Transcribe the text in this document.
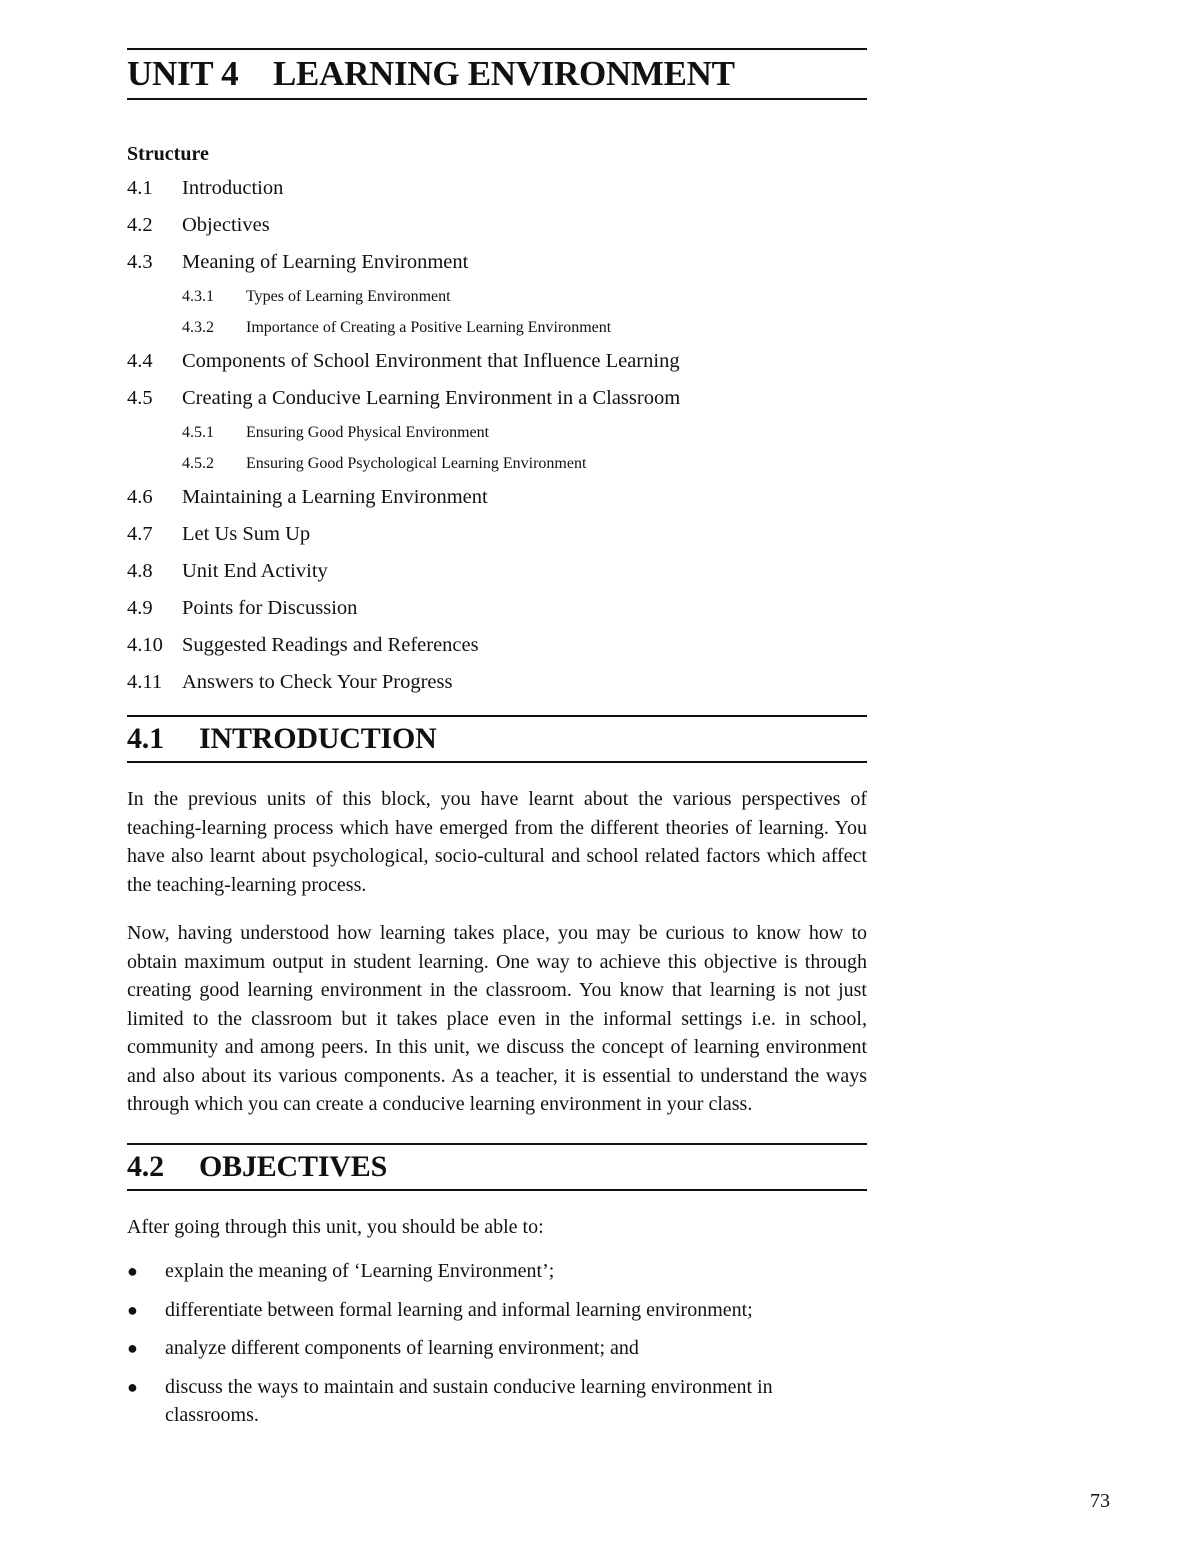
UNIT 4 LEARNING ENVIRONMENT
Structure
4.1	Introduction
4.2	Objectives
4.3	Meaning of Learning Environment
4.3.1	Types of Learning Environment
4.3.2	Importance of Creating a Positive Learning Environment
4.4	Components of School Environment that Influence Learning
4.5	Creating a Conducive Learning Environment in a Classroom
4.5.1	Ensuring Good Physical Environment
4.5.2	Ensuring Good Psychological Learning Environment
4.6	Maintaining a Learning Environment
4.7	Let Us Sum Up
4.8	Unit End Activity
4.9	Points for Discussion
4.10 Suggested Readings and References
4.11 Answers to Check Your Progress
4.1 INTRODUCTION

In the previous units of this block, you have learnt about the various perspectives of teaching-learning process which have emerged from the different theories of learning. You have also learnt about psychological, socio-cultural and school related factors which affect the teaching-learning process.

Now, having understood how learning takes place, you may be curious to know how to obtain maximum output in student learning. One way to achieve this objective is through creating good learning environment in the classroom. You know that learning is not just limited to the classroom but it takes place even in the informal settings i.e. in school, community and among peers. In this unit, we discuss the concept of learning environment and also about its various components. As a teacher, it is essential to understand the ways through which you can create a conducive learning environment in your class.

4.2 OBJECTIVES

After going through this unit, you should be able to:

● explain the meaning of ‘Learning Environment’;
● differentiate between formal learning and informal learning environment;
● analyze different components of learning environment; and
● discuss the ways to maintain and sustain conducive learning environment in classrooms.
73
